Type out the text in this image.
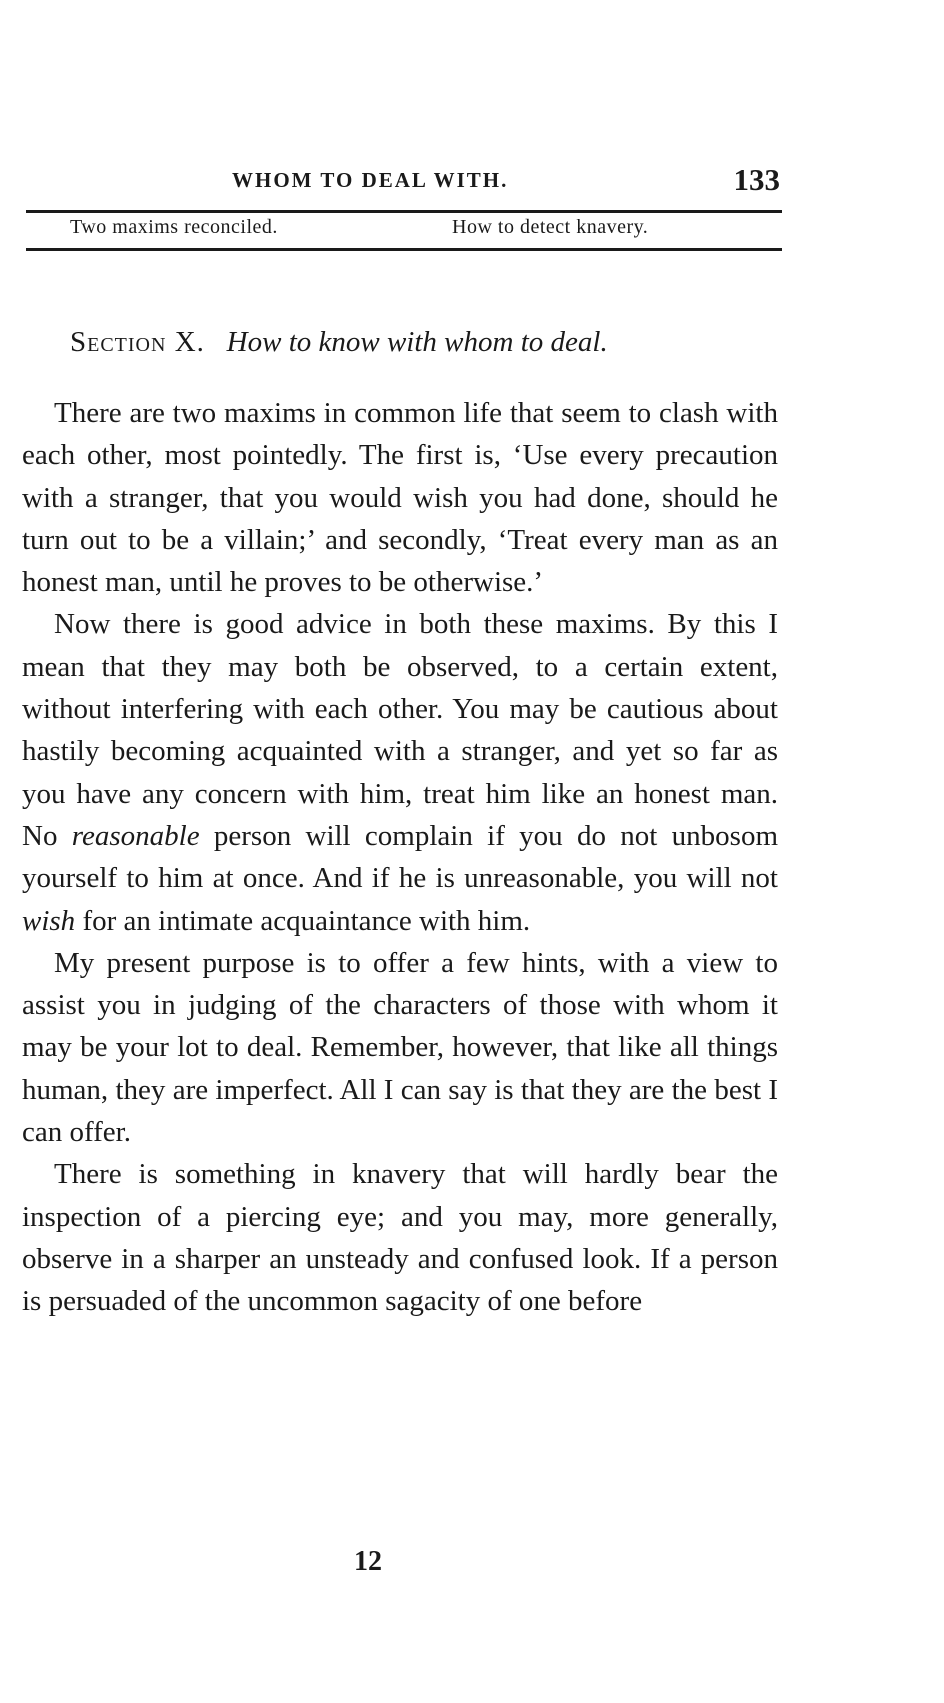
WHOM TO DEAL WITH.	133
Two maxims reconciled.	How to detect knavery.
Section X. How to know with whom to deal.

There are two maxims in common life that seem to clash with each other, most pointedly. The first is, ‘Use every precaution with a stranger, that you would wish you had done, should he turn out to be a villain;’ and secondly, ‘Treat every man as an honest man, until he proves to be otherwise.’

Now there is good advice in both these maxims. By this I mean that they may both be observed, to a certain extent, without interfering with each other. You may be cautious about hastily becoming acquainted with a stranger, and yet so far as you have any concern with him, treat him like an honest man. No reasonable person will complain if you do not unbosom yourself to him at once. And if he is unreasonable, you will not wish for an intimate acquaintance with him.

My present purpose is to offer a few hints, with a view to assist you in judging of the characters of those with whom it may be your lot to deal. Remember, however, that like all things human, they are imperfect. All I can say is that they are the best I can offer.

There is something in knavery that will hardly bear the inspection of a piercing eye; and you may, more generally, observe in a sharper an unsteady and confused look. If a person is persuaded of the uncommon sagacity of one before

12
